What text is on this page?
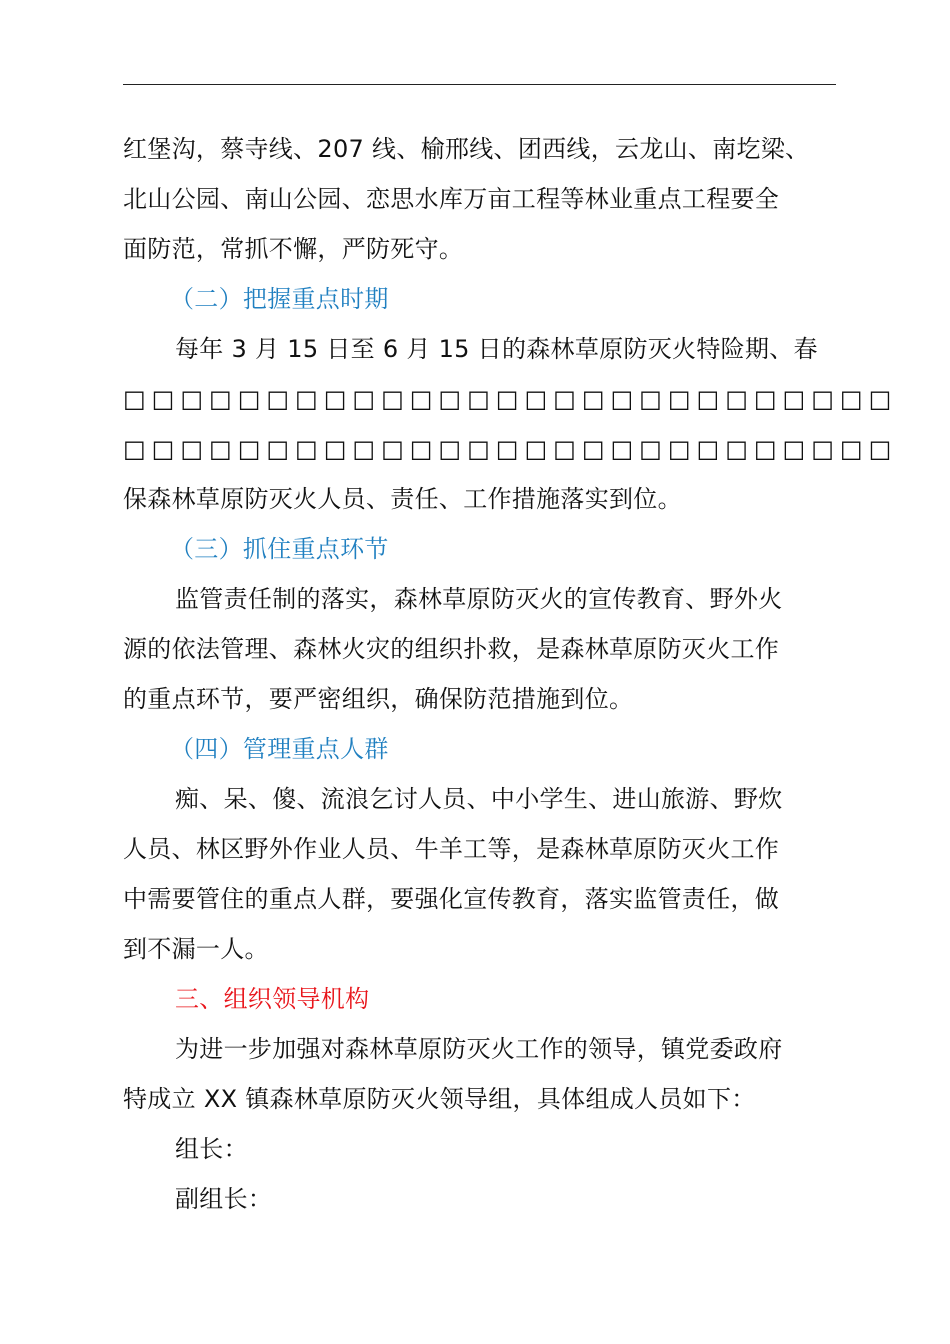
红堡沟，蔡寺线、207 线、榆邢线、团西线，云龙山、南圪梁、
北山公园、南山公园、恋思水库万亩工程等林业重点工程要全
面防范，常抓不懈，严防死守。
（二）把握重点时期
每年 3 月 15 日至 6 月 15 日的森林草原防灭火特险期、春
□□□□□□□□□□□□□□□□□□□□□□□□□□□
□□□□□□□□□□□□□□□□□□□□□□□□□□□
保森林草原防灭火人员、责任、工作措施落实到位。
（三）抓住重点环节
监管责任制的落实，森林草原防灭火的宣传教育、野外火
源的依法管理、森林火灾的组织扑救，是森林草原防灭火工作
的重点环节，要严密组织，确保防范措施到位。
（四）管理重点人群
痴、呆、傻、流浪乞讨人员、中小学生、进山旅游、野炊
人员、林区野外作业人员、牛羊工等，是森林草原防灭火工作
中需要管住的重点人群，要强化宣传教育，落实监管责任，做
到不漏一人。
三、组织领导机构
为进一步加强对森林草原防灭火工作的领导，镇党委政府
特成立 XX 镇森林草原防灭火领导组，具体组成人员如下：
组长：
副组长：
